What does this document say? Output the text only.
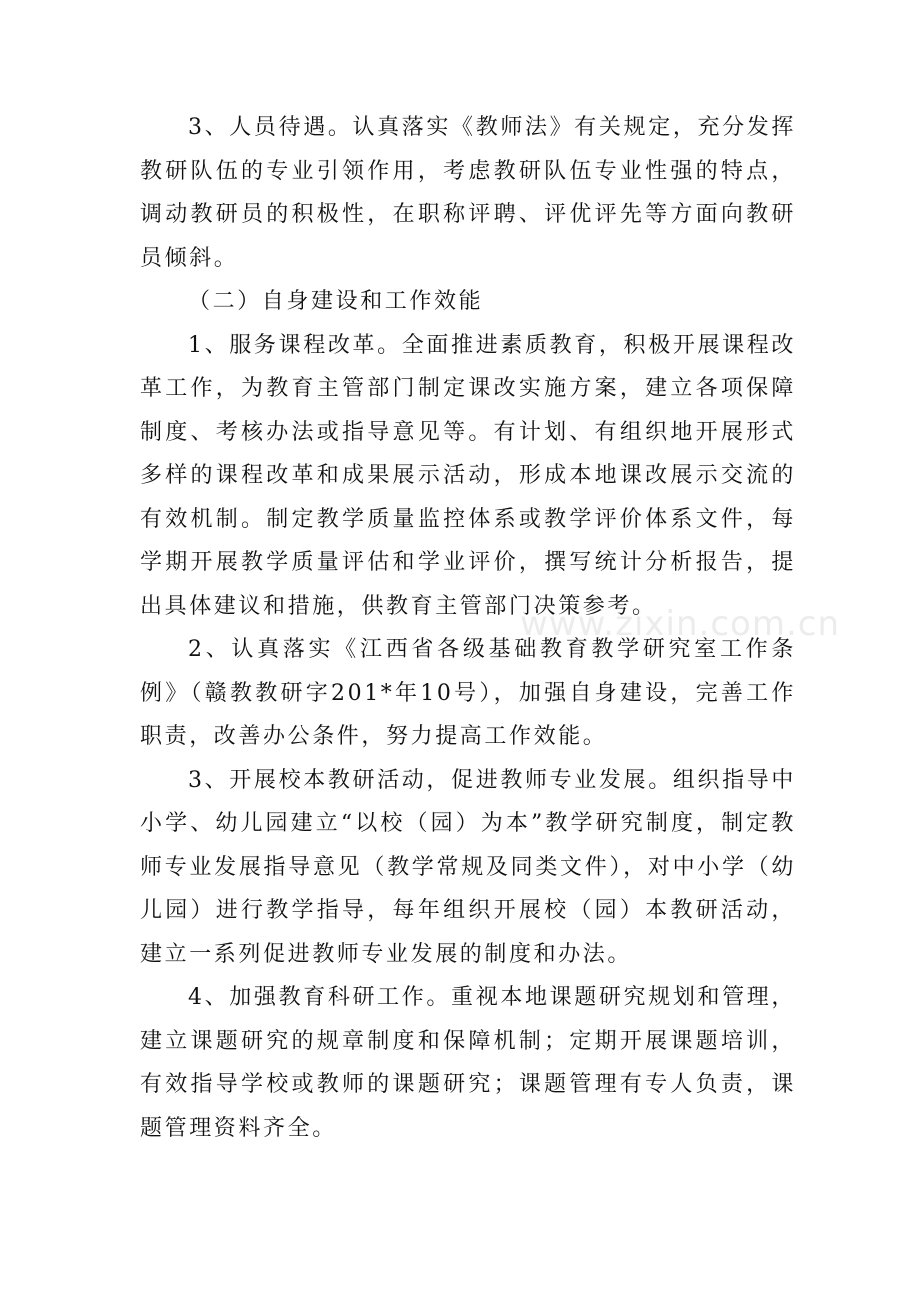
3、人员待遇。认真落实《教师法》有关规定，充分发挥教研队伍的专业引领作用，考虑教研队伍专业性强的特点，调动教研员的积极性，在职称评聘、评优评先等方面向教研员倾斜。

（二）自身建设和工作效能

1、服务课程改革。全面推进素质教育，积极开展课程改革工作，为教育主管部门制定课改实施方案，建立各项保障制度、考核办法或指导意见等。有计划、有组织地开展形式多样的课程改革和成果展示活动，形成本地课改展示交流的有效机制。制定教学质量监控体系或教学评价体系文件，每学期开展教学质量评估和学业评价，撰写统计分析报告，提出具体建议和措施，供教育主管部门决策参考。

2、认真落实《江西省各级基础教育教学研究室工作条例》（赣教教研字201*年10号），加强自身建设，完善工作职责，改善办公条件，努力提高工作效能。

3、开展校本教研活动，促进教师专业发展。组织指导中小学、幼儿园建立“以校（园）为本”教学研究制度，制定教师专业发展指导意见（教学常规及同类文件），对中小学（幼儿园）进行教学指导，每年组织开展校（园）本教研活动，建立一系列促进教师专业发展的制度和办法。

4、加强教育科研工作。重视本地课题研究规划和管理，建立课题研究的规章制度和保障机制；定期开展课题培训，有效指导学校或教师的课题研究；课题管理有专人负责，课题管理资料齐全。

www.zixin.com.cn
